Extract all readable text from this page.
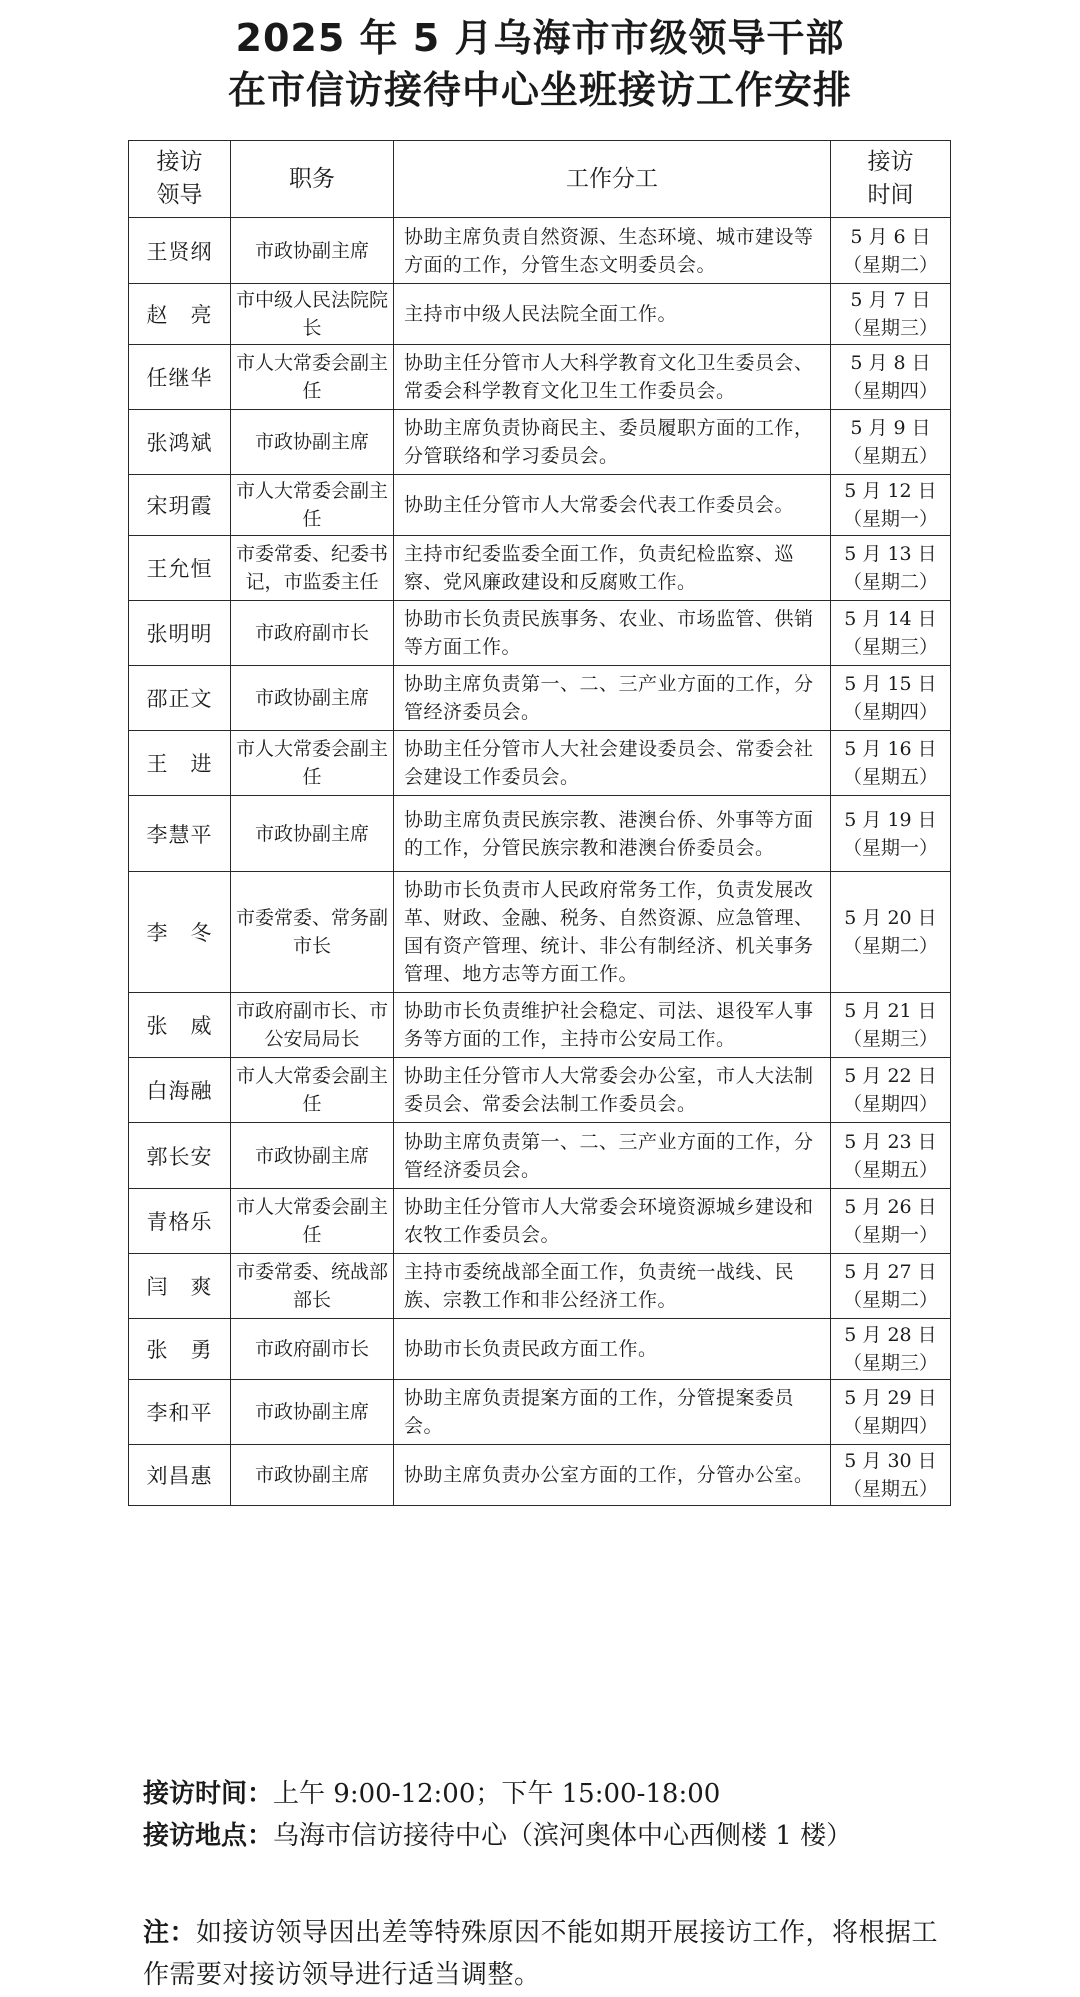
2025 年 5 月乌海市市级领导干部
在市信访接待中心坐班接访工作安排
接访
领导	职务	工作分工	接访
时间
王贤纲	市政协副主席	协助主席负责自然资源、生态环境、城市建设等方面的工作，分管生态文明委员会。	5 月 6 日
（星期二）

赵　亮	市中级人民法院院长	主持市中级人民法院全面工作。	5 月 7 日
（星期三）

任继华	市人大常委会副主任	协助主任分管市人大科学教育文化卫生委员会、常委会科学教育文化卫生工作委员会。	5 月 8 日
（星期四）

张鸿斌	市政协副主席	协助主席负责协商民主、委员履职方面的工作，分管联络和学习委员会。	5 月 9 日
（星期五）

宋玥霞	市人大常委会副主任	协助主任分管市人大常委会代表工作委员会。	5 月 12 日
（星期一）

王允恒	市委常委、纪委书记，市监委主任	主持市纪委监委全面工作，负责纪检监察、巡察、党风廉政建设和反腐败工作。	5 月 13 日
（星期二）

张明明	市政府副市长	协助市长负责民族事务、农业、市场监管、供销等方面工作。	5 月 14 日
（星期三）

邵正文	市政协副主席	协助主席负责第一、二、三产业方面的工作，分管经济委员会。	5 月 15 日
（星期四）

王　进	市人大常委会副主任	协助主任分管市人大社会建设委员会、常委会社会建设工作委员会。	5 月 16 日
（星期五）

李慧平	市政协副主席	协助主席负责民族宗教、港澳台侨、外事等方面的工作，分管民族宗教和港澳台侨委员会。	5 月 19 日
（星期一）

李　冬	市委常委、常务副市长	协助市长负责市人民政府常务工作，负责发展改革、财政、金融、税务、自然资源、应急管理、国有资产管理、统计、非公有制经济、机关事务管理、地方志等方面工作。	5 月 20 日
（星期二）

张　威	市政府副市长、市公安局局长	协助市长负责维护社会稳定、司法、退役军人事务等方面的工作，主持市公安局工作。	5 月 21 日
（星期三）

白海融	市人大常委会副主任	协助主任分管市人大常委会办公室，市人大法制委员会、常委会法制工作委员会。	5 月 22 日
（星期四）

郭长安	市政协副主席	协助主席负责第一、二、三产业方面的工作，分管经济委员会。	5 月 23 日
（星期五）

青格乐	市人大常委会副主任	协助主任分管市人大常委会环境资源城乡建设和农牧工作委员会。	5 月 26 日
（星期一）

闫　爽	市委常委、统战部部长	主持市委统战部全面工作，负责统一战线、民族、宗教工作和非公经济工作。	5 月 27 日
（星期二）

张　勇	市政府副市长	协助市长负责民政方面工作。	5 月 28 日
（星期三）

李和平	市政协副主席	协助主席负责提案方面的工作，分管提案委员会。	5 月 29 日
（星期四）

刘昌惠	市政协副主席	协助主席负责办公室方面的工作，分管办公室。	5 月 30 日
（星期五）
接访时间：上午 9:00-12:00；下午 15:00-18:00
接访地点：乌海市信访接待中心（滨河奥体中心西侧楼 1 楼）
注：如接访领导因出差等特殊原因不能如期开展接访工作，将根据工作需要对接访领导进行适当调整。
